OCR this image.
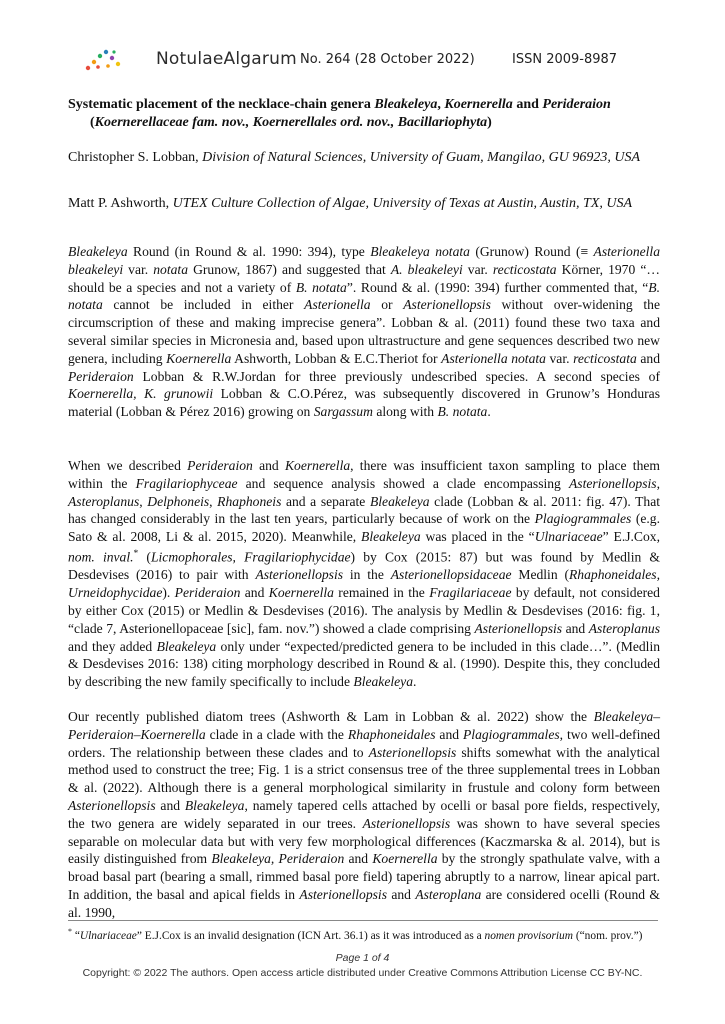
NotulaeAlgarum No. 264 (28 October 2022)	ISSN 2009-8987
Systematic placement of the necklace-chain genera Bleakeleya, Koernerella and Perideraion (Koernerellaceae fam. nov., Koernerellales ord. nov., Bacillariophyta)
Christopher S. Lobban, Division of Natural Sciences, University of Guam, Mangilao, GU 96923, USA
Matt P. Ashworth, UTEX Culture Collection of Algae, University of Texas at Austin, Austin, TX, USA
Bleakeleya Round (in Round & al. 1990: 394), type Bleakeleya notata (Grunow) Round (≡ Asterionella bleakeleyi var. notata Grunow, 1867) and suggested that A. bleakeleyi var. recticostata Körner, 1970 “…should be a species and not a variety of B. notata”. Round & al. (1990: 394) further commented that, “B. notata cannot be included in either Asterionella or Asterionellopsis without over-widening the circumscription of these and making imprecise genera”. Lobban & al. (2011) found these two taxa and several similar species in Micronesia and, based upon ultrastructure and gene sequences described two new genera, including Koernerella Ashworth, Lobban & E.C.Theriot for Asterionella notata var. recticostata and Perideraion Lobban & R.W.Jordan for three previously undescribed species. A second species of Koernerella, K. grunowii Lobban & C.O.Pérez, was subsequently discovered in Grunow’s Honduras material (Lobban & Pérez 2016) growing on Sargassum along with B. notata.
When we described Perideraion and Koernerella, there was insufficient taxon sampling to place them within the Fragilariophyceae and sequence analysis showed a clade encompassing Asterionellopsis, Asteroplanus, Delphoneis, Rhaphoneis and a separate Bleakeleya clade (Lobban & al. 2011: fig. 47). That has changed considerably in the last ten years, particularly because of work on the Plagiogrammales (e.g. Sato & al. 2008, Li & al. 2015, 2020). Meanwhile, Bleakeleya was placed in the “Ulnariaceae” E.J.Cox, nom. inval.* (Licmophorales, Fragilariophycidae) by Cox (2015: 87) but was found by Medlin & Desdevises (2016) to pair with Asterionellopsis in the Asterionellopsidaceae Medlin (Rhaphoneidales, Urneidophycidae). Perideraion and Koernerella remained in the Fragilariaceae by default, not considered by either Cox (2015) or Medlin & Desdevises (2016). The analysis by Medlin & Desdevises (2016: fig. 1, “clade 7, Asterionellopaceae [sic], fam. nov.”) showed a clade comprising Asterionellopsis and Asteroplanus and they added Bleakeleya only under “expected/predicted genera to be included in this clade…”. (Medlin & Desdevises 2016: 138) citing morphology described in Round & al. (1990). Despite this, they concluded by describing the new family specifically to include Bleakeleya.
Our recently published diatom trees (Ashworth & Lam in Lobban & al. 2022) show the Bleakeleya–Perideraion–Koernerella clade in a clade with the Rhaphoneidales and Plagiogrammales, two well-defined orders. The relationship between these clades and to Asterionellopsis shifts somewhat with the analytical method used to construct the tree; Fig. 1 is a strict consensus tree of the three supplemental trees in Lobban & al. (2022). Although there is a general morphological similarity in frustule and colony form between Asterionellopsis and Bleakeleya, namely tapered cells attached by ocelli or basal pore fields, respectively, the two genera are widely separated in our trees. Asterionellopsis was shown to have several species separable on molecular data but with very few morphological differences (Kaczmarska & al. 2014), but is easily distinguished from Bleakeleya, Perideraion and Koernerella by the strongly spathulate valve, with a broad basal part (bearing a small, rimmed basal pore field) tapering abruptly to a narrow, linear apical part. In addition, the basal and apical fields in Asterionellopsis and Asteroplana are considered ocelli (Round & al. 1990,
* “Ulnariaceae” E.J.Cox is an invalid designation (ICN Art. 36.1) as it was introduced as a nomen provisorium (“nom. prov.”)
Page 1 of 4
Copyright: © 2022 The authors. Open access article distributed under Creative Commons Attribution License CC BY-NC.
